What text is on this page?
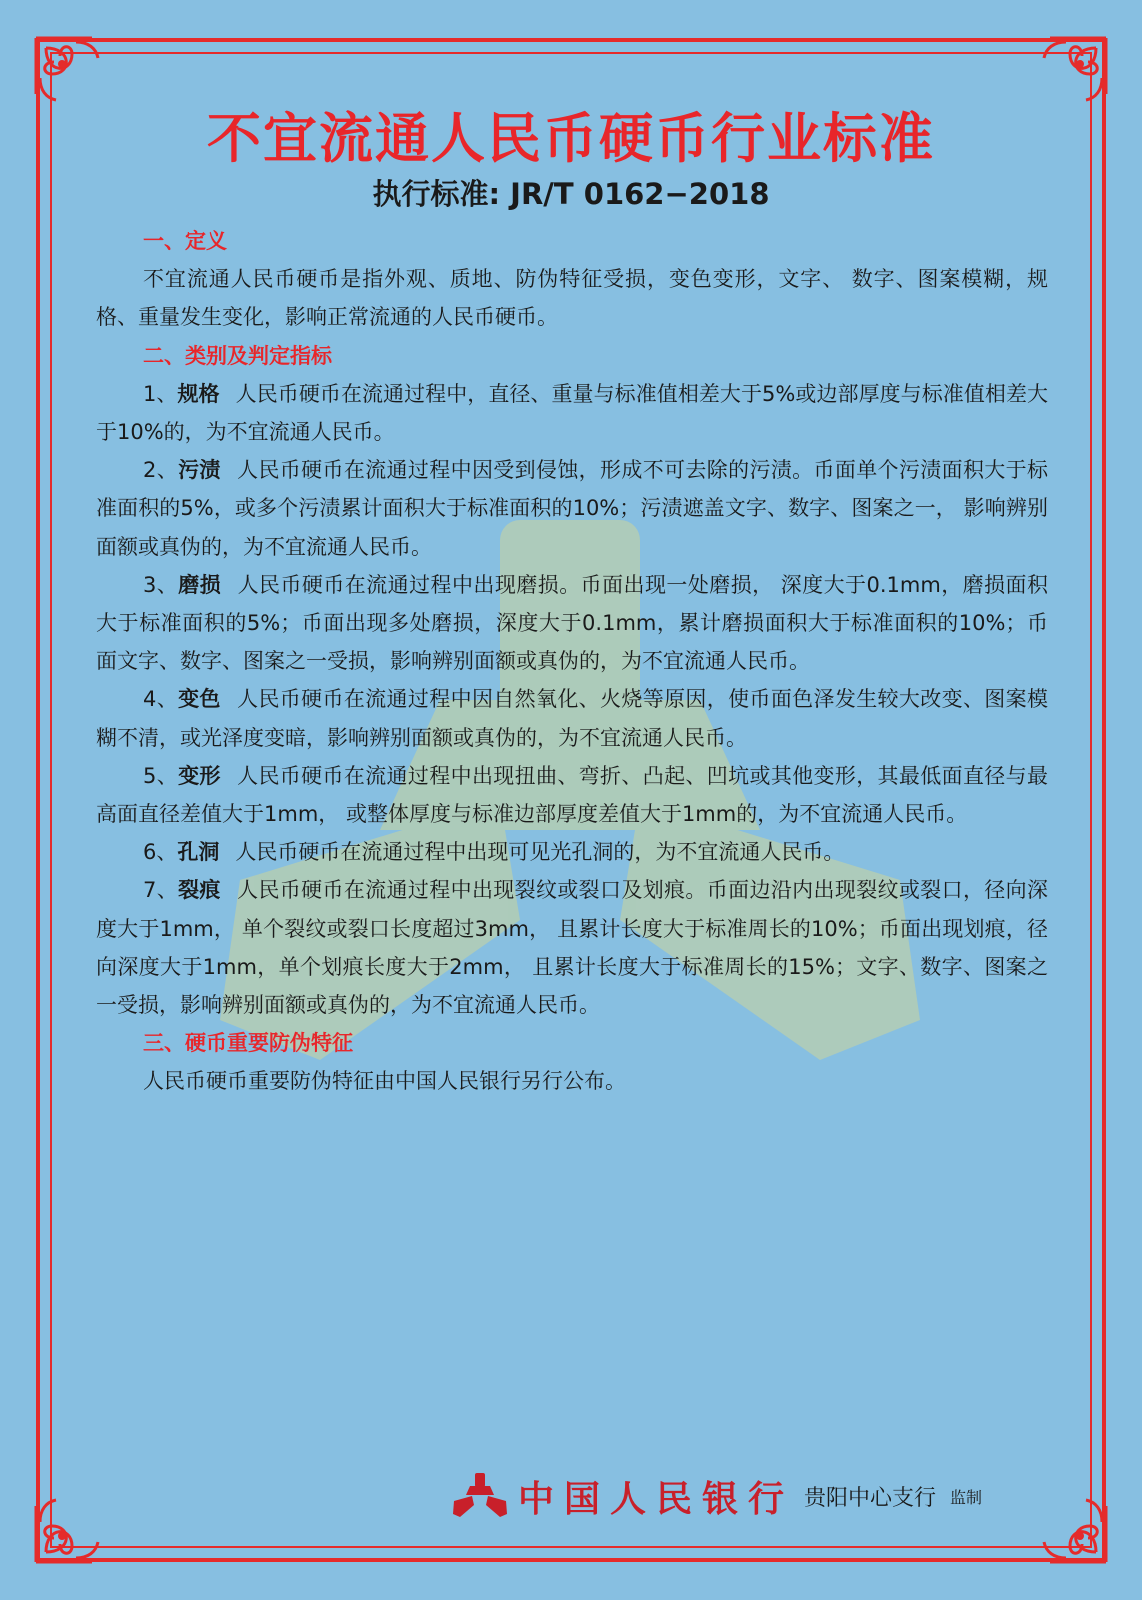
不宜流通人民币硬币行业标准
执行标准: JR/T 0162−2018

一、定义

不宜流通人民币硬币是指外观、质地、防伪特征受损，变色变形，文字、 数字、图案模糊，规格、重量发生变化，影响正常流通的人民币硬币。

二、类别及判定指标

1、规格 人民币硬币在流通过程中，直径、重量与标准值相差大于5%或边部厚度与标准值相差大于10%的，为不宜流通人民币。

2、污渍 人民币硬币在流通过程中因受到侵蚀，形成不可去除的污渍。币面单个污渍面积大于标准面积的5%，或多个污渍累计面积大于标准面积的10%；污渍遮盖文字、数字、图案之一， 影响辨别面额或真伪的，为不宜流通人民币。

3、磨损 人民币硬币在流通过程中出现磨损。币面出现一处磨损， 深度大于0.1mm，磨损面积大于标准面积的5%；币面出现多处磨损，深度大于0.1mm，累计磨损面积大于标准面积的10%；币面文字、数字、图案之一受损，影响辨别面额或真伪的，为不宜流通人民币。

4、变色 人民币硬币在流通过程中因自然氧化、火烧等原因，使币面色泽发生较大改变、图案模糊不清，或光泽度变暗，影响辨别面额或真伪的，为不宜流通人民币。

5、变形 人民币硬币在流通过程中出现扭曲、弯折、凸起、凹坑或其他变形，其最低面直径与最高面直径差值大于1mm， 或整体厚度与标准边部厚度差值大于1mm的，为不宜流通人民币。

6、孔洞 人民币硬币在流通过程中出现可见光孔洞的，为不宜流通人民币。

7、裂痕 人民币硬币在流通过程中出现裂纹或裂口及划痕。币面边沿内出现裂纹或裂口，径向深度大于1mm， 单个裂纹或裂口长度超过3mm， 且累计长度大于标准周长的10%；币面出现划痕，径向深度大于1mm，单个划痕长度大于2mm， 且累计长度大于标准周长的15%；文字、数字、图案之一受损，影响辨别面额或真伪的，为不宜流通人民币。

三、硬币重要防伪特征

人民币硬币重要防伪特征由中国人民银行另行公布。

中国人民银行 贵阳中心支行 监制
